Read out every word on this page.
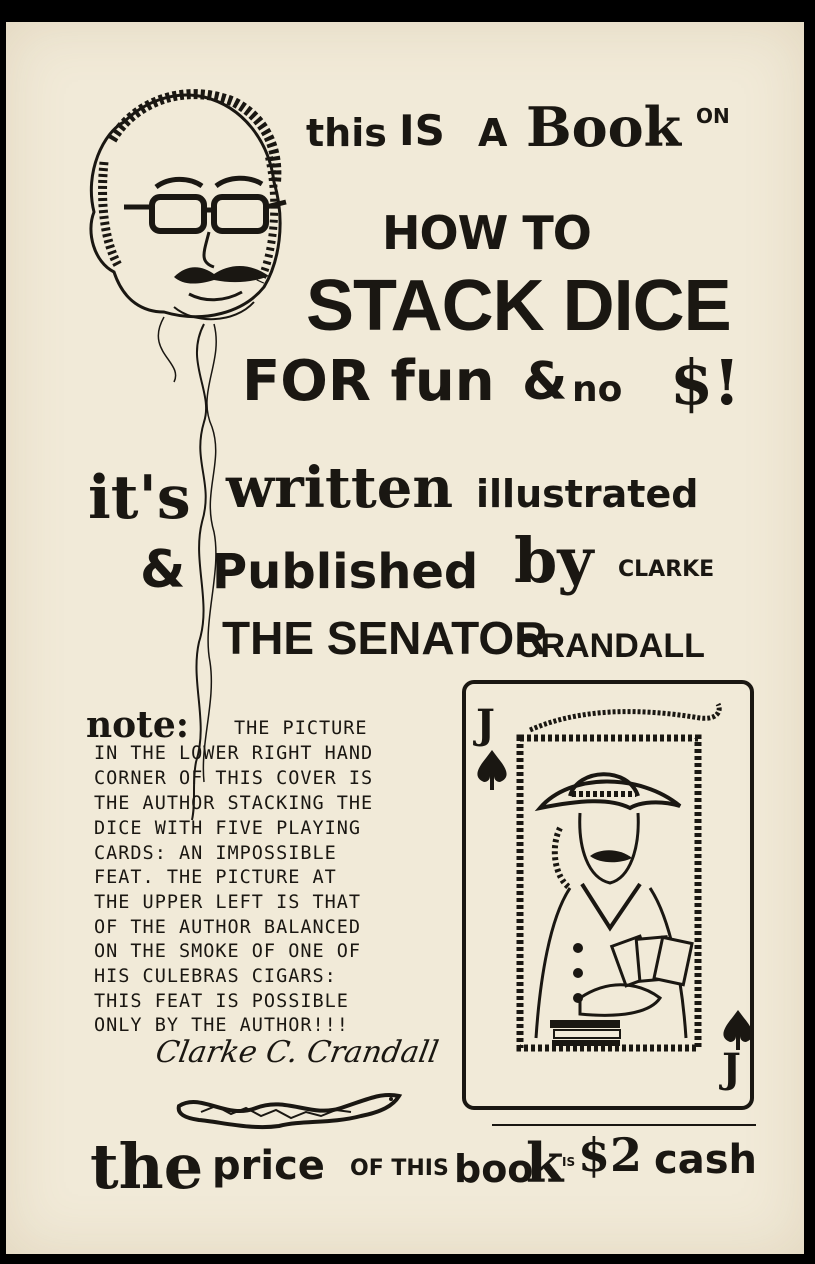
this IS A Book ON
HOW TO
STACK DICE
FOR fun & no $!
it's written illustrated
& Published by CLARKE
THE SENATOR
CRANDALL
note: THE PICTURE
IN THE LOWER RIGHT HAND
CORNER OF THIS COVER IS
THE AUTHOR STACKING THE
DICE WITH FIVE PLAYING
CARDS: AN IMPOSSIBLE
FEAT. THE PICTURE AT
THE UPPER LEFT IS THAT
OF THE AUTHOR BALANCED
ON THE SMOKE OF ONE OF
HIS CULEBRAS CIGARS:
THIS FEAT IS POSSIBLE
ONLY BY THE AUTHOR!!!
Clarke C. Crandall
J
J
the price OF THIS boo
k
IS $2 cash
